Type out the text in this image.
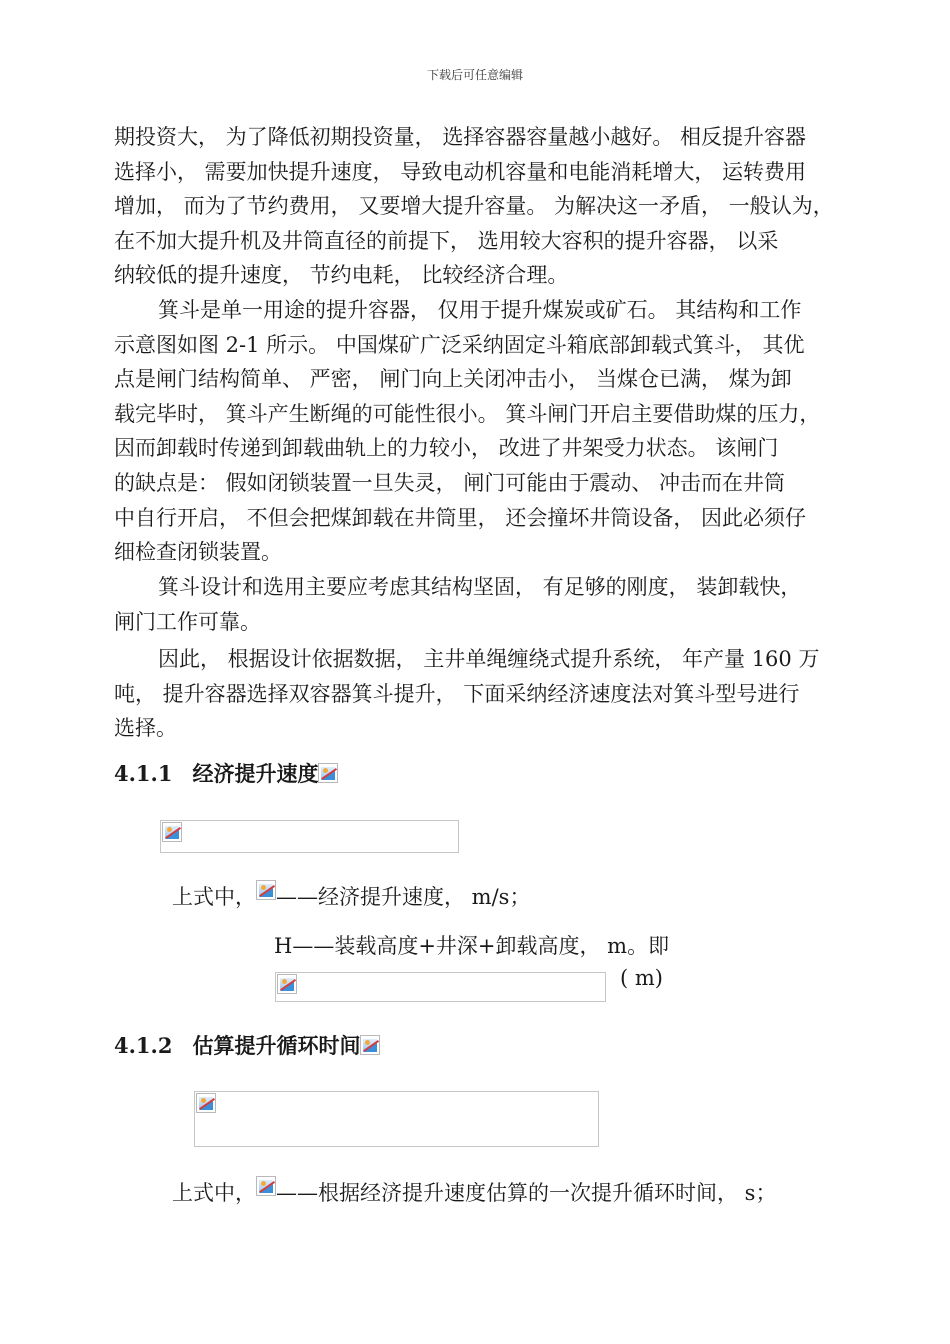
下载后可任意编辑
期投资大， 为了降低初期投资量， 选择容器容量越小越好。 相反提升容器
选择小， 需要加快提升速度， 导致电动机容量和电能消耗增大， 运转费用
增加， 而为了节约费用， 又要增大提升容量。 为解决这一矛盾， 一般认为，
在不加大提升机及井筒直径的前提下， 选用较大容积的提升容器， 以采
纳较低的提升速度， 节约电耗， 比较经济合理。
箕斗是单一用途的提升容器， 仅用于提升煤炭或矿石。 其结构和工作
示意图如图 2-1 所示。 中国煤矿广泛采纳固定斗箱底部卸载式箕斗， 其优
点是闸门结构简单、 严密， 闸门向上关闭冲击小， 当煤仓已满， 煤为卸
载完毕时， 箕斗产生断绳的可能性很小。 箕斗闸门开启主要借助煤的压力，
因而卸载时传递到卸载曲轨上的力较小， 改进了井架受力状态。 该闸门
的缺点是： 假如闭锁装置一旦失灵， 闸门可能由于震动、 冲击而在井筒
中自行开启， 不但会把煤卸载在井筒里， 还会撞坏井筒设备， 因此必须仔
细检查闭锁装置。
箕斗设计和选用主要应考虑其结构坚固， 有足够的刚度， 装卸载快，
闸门工作可靠。
因此， 根据设计依据数据， 主井单绳缠绕式提升系统， 年产量 160 万
吨， 提升容器选择双容器箕斗提升， 下面采纳经济速度法对箕斗型号进行
选择。
4.1.1 经济提升速度
上式中， ——经济提升速度， m/s；
H——装载高度+井深+卸载高度， m。即
( m)
4.1.2 估算提升循环时间
上式中， ——根据经济提升速度估算的一次提升循环时间， s；
